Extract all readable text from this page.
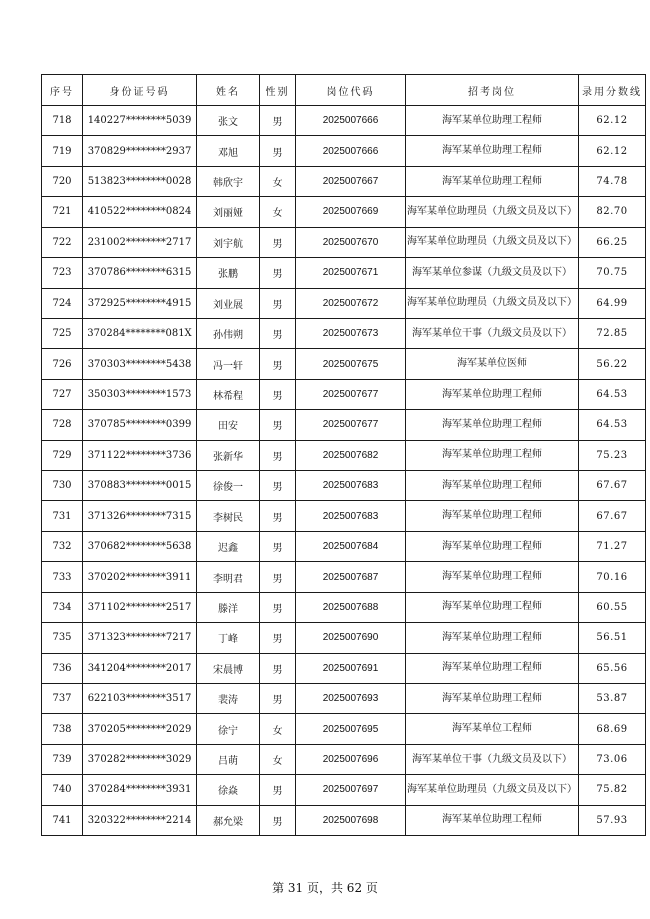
序号	身份证号码	姓名	性别	岗位代码	招考岗位	录用分数线
718	140227********5039	张文	男	2025007666	海军某单位助理工程师	62.12
719	370829********2937	邓旭	男	2025007666	海军某单位助理工程师	62.12
720	513823********0028	韩欣宇	女	2025007667	海军某单位助理工程师	74.78
721	410522********0824	刘丽娅	女	2025007669	海军某单位助理员（九级文员及以下）	82.70
722	231002********2717	刘宇航	男	2025007670	海军某单位助理员（九级文员及以下）	66.25
723	370786********6315	张鹏	男	2025007671	海军某单位参谋（九级文员及以下）	70.75
724	372925********4915	刘业展	男	2025007672	海军某单位助理员（九级文员及以下）	64.99
725	370284********081X	孙伟朔	男	2025007673	海军某单位干事（九级文员及以下）	72.85
726	370303********5438	冯一轩	男	2025007675	海军某单位医师	56.22
727	350303********1573	林希程	男	2025007677	海军某单位助理工程师	64.53
728	370785********0399	田安	男	2025007677	海军某单位助理工程师	64.53
729	371122********3736	张新华	男	2025007682	海军某单位助理工程师	75.23
730	370883********0015	徐俊一	男	2025007683	海军某单位助理工程师	67.67
731	371326********7315	李树民	男	2025007683	海军某单位助理工程师	67.67
732	370682********5638	迟鑫	男	2025007684	海军某单位助理工程师	71.27
733	370202********3911	李明君	男	2025007687	海军某单位助理工程师	70.16
734	371102********2517	滕洋	男	2025007688	海军某单位助理工程师	60.55
735	371323********7217	丁峰	男	2025007690	海军某单位助理工程师	56.51
736	341204********2017	宋晨博	男	2025007691	海军某单位助理工程师	65.56
737	622103********3517	裴涛	男	2025007693	海军某单位助理工程师	53.87
738	370205********2029	徐宁	女	2025007695	海军某单位工程师	68.69
739	370282********3029	吕萌	女	2025007696	海军某单位干事（九级文员及以下）	73.06
740	370284********3931	徐焱	男	2025007697	海军某单位助理员（九级文员及以下）	75.82
741	320322********2214	郝允梁	男	2025007698	海军某单位助理工程师	57.93
第 31 页，共 62 页
